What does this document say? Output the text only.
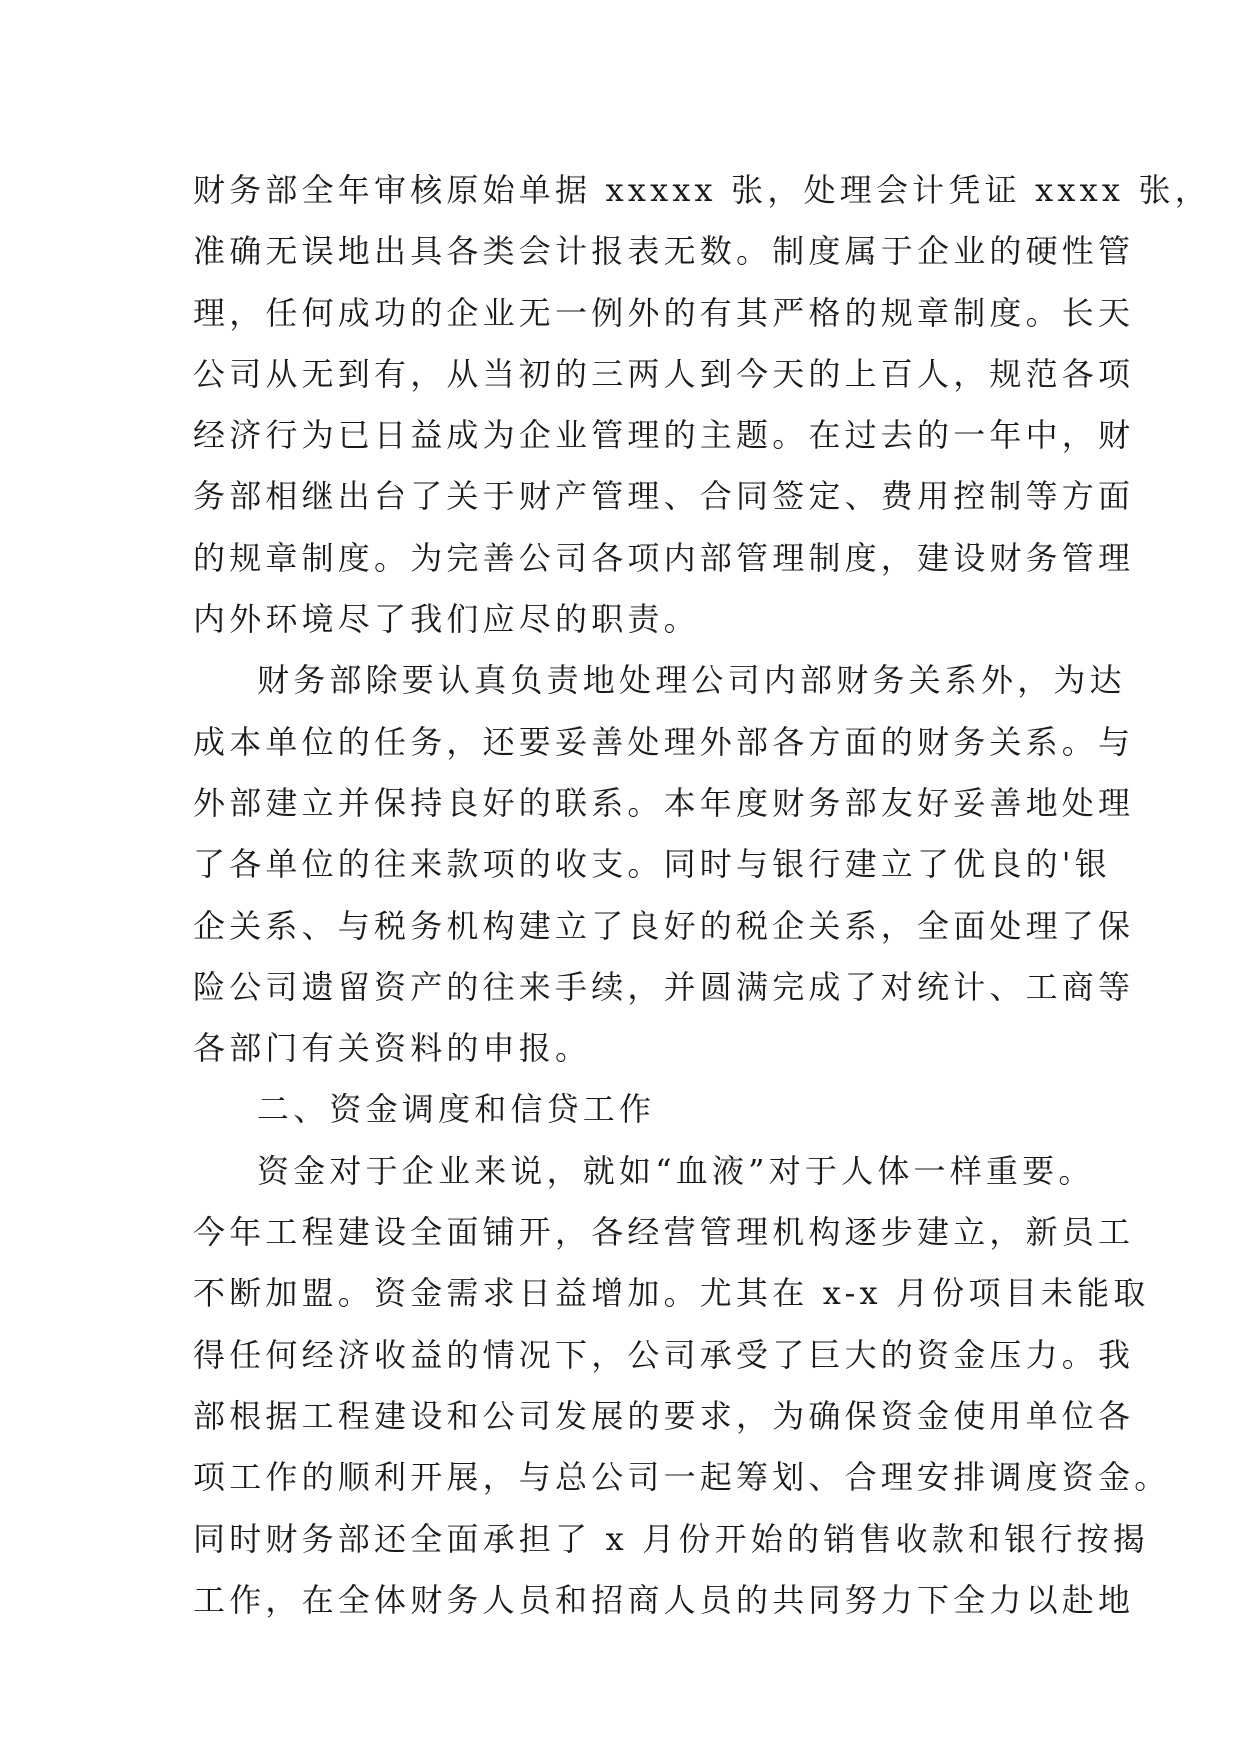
财务部全年审核原始单据 xxxxx 张，处理会计凭证 xxxx 张，
准确无误地出具各类会计报表无数。制度属于企业的硬性管
理，任何成功的企业无一例外的有其严格的规章制度。长天
公司从无到有，从当初的三两人到今天的上百人，规范各项
经济行为已日益成为企业管理的主题。在过去的一年中，财
务部相继出台了关于财产管理、合同签定、费用控制等方面
的规章制度。为完善公司各项内部管理制度，建设财务管理
内外环境尽了我们应尽的职责。
财务部除要认真负责地处理公司内部财务关系外，为达
成本单位的任务，还要妥善处理外部各方面的财务关系。与
外部建立并保持良好的联系。本年度财务部友好妥善地处理
了各单位的往来款项的收支。同时与银行建立了优良的'银
企关系、与税务机构建立了良好的税企关系，全面处理了保
险公司遗留资产的往来手续，并圆满完成了对统计、工商等
各部门有关资料的申报。
二、资金调度和信贷工作
资金对于企业来说，就如“血液”对于人体一样重要。
今年工程建设全面铺开，各经营管理机构逐步建立，新员工
不断加盟。资金需求日益增加。尤其在 x-x 月份项目未能取
得任何经济收益的情况下，公司承受了巨大的资金压力。我
部根据工程建设和公司发展的要求，为确保资金使用单位各
项工作的顺利开展，与总公司一起筹划、合理安排调度资金。
同时财务部还全面承担了 x 月份开始的销售收款和银行按揭
工作，在全体财务人员和招商人员的共同努力下全力以赴地
